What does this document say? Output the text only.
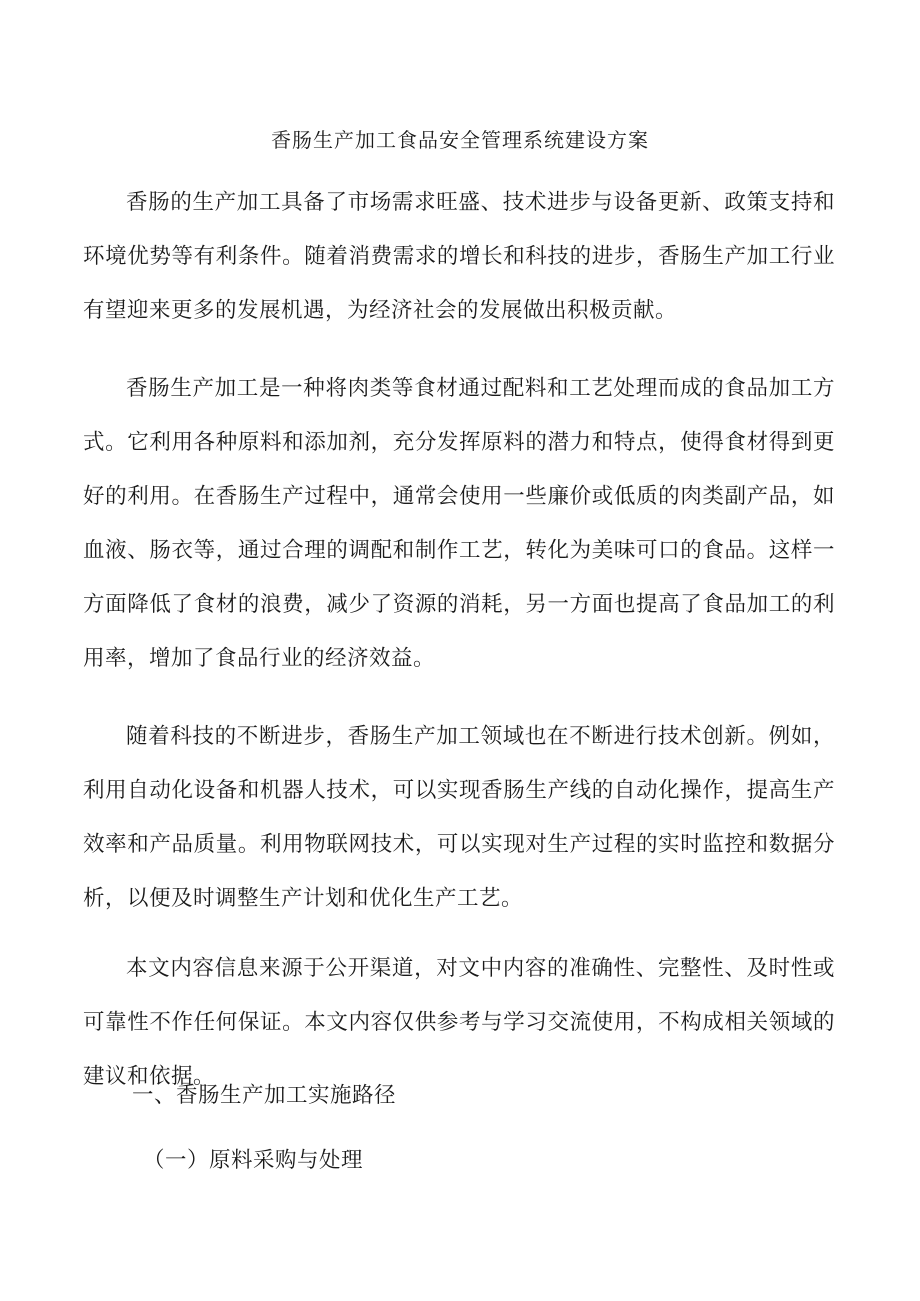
香肠生产加工食品安全管理系统建设方案

香肠的生产加工具备了市场需求旺盛、技术进步与设备更新、政策支持和环境优势等有利条件。随着消费需求的增长和科技的进步，香肠生产加工行业有望迎来更多的发展机遇，为经济社会的发展做出积极贡献。

香肠生产加工是一种将肉类等食材通过配料和工艺处理而成的食品加工方式。它利用各种原料和添加剂，充分发挥原料的潜力和特点，使得食材得到更好的利用。在香肠生产过程中，通常会使用一些廉价或低质的肉类副产品，如血液、肠衣等，通过合理的调配和制作工艺，转化为美味可口的食品。这样一方面降低了食材的浪费，减少了资源的消耗，另一方面也提高了食品加工的利用率，增加了食品行业的经济效益。

随着科技的不断进步，香肠生产加工领域也在不断进行技术创新。例如，利用自动化设备和机器人技术，可以实现香肠生产线的自动化操作，提高生产效率和产品质量。利用物联网技术，可以实现对生产过程的实时监控和数据分析，以便及时调整生产计划和优化生产工艺。

本文内容信息来源于公开渠道，对文中内容的准确性、完整性、及时性或可靠性不作任何保证。本文内容仅供参考与学习交流使用，不构成相关领域的建议和依据。

一、香肠生产加工实施路径
（一）原料采购与处理
